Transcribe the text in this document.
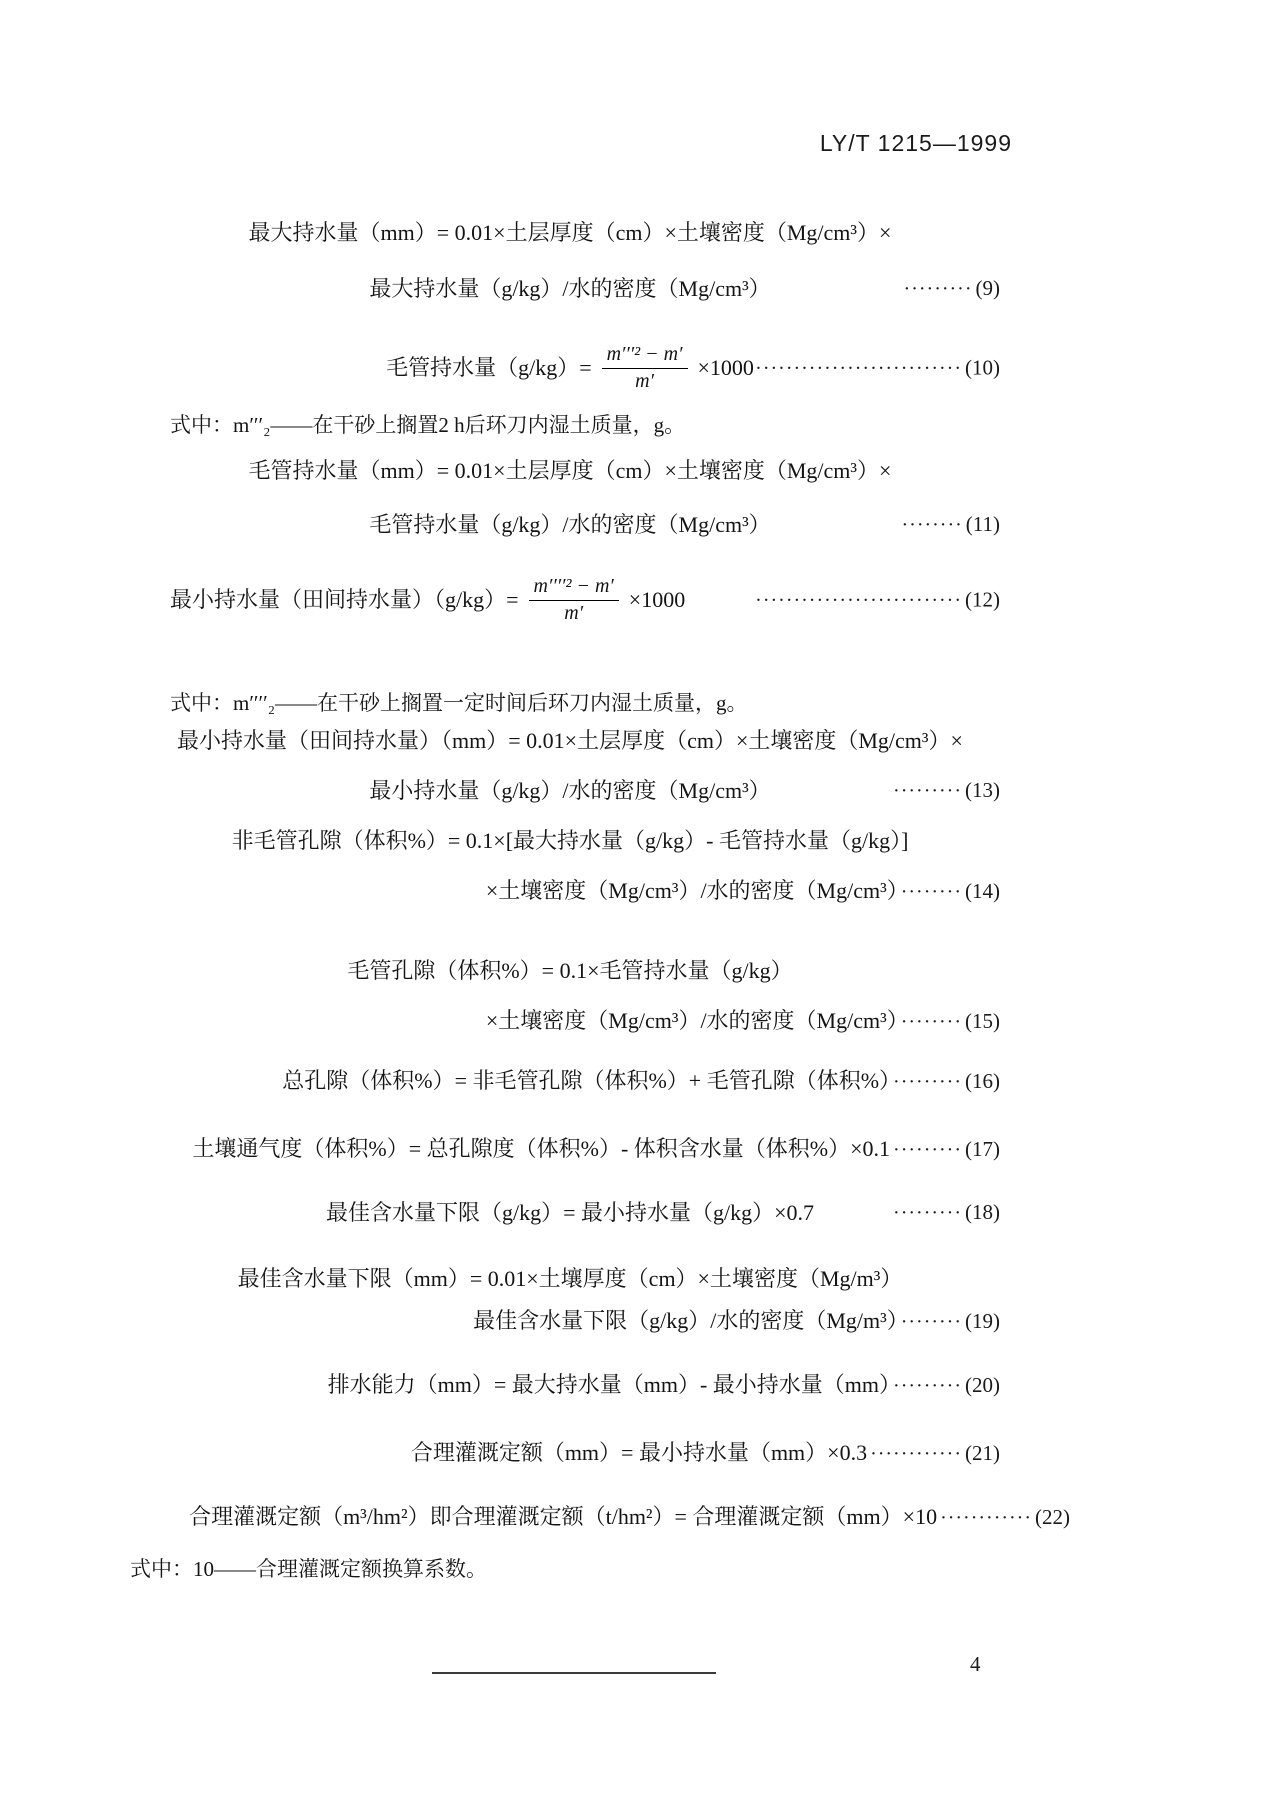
LY/T 1215—1999
最大持水量（mm）= 0.01×土层厚度（cm）×土壤密度（Mg/cm³）×
最大持水量（g/kg）/水的密度（Mg/cm³）	········· (9)
毛管持水量$(g/kg)= \frac{\text{m′′′² − m′}}{m'} \times 1000$ ··························· (10)
式中：m′′′₂——在干砂上搁置2 h后环刀内湿土质量，g。
毛管持水量（mm）= 0.01×土层厚度（cm）×土壤密度（Mg/cm³）×
毛管持水量（g/kg）/水的密度（Mg/cm³）	········ (11)
最小持水量（田间持水量）$(g/kg)= \frac{\text{m′′′′² − m′}}{m'} \times 1000$	··························· (12)
式中：m′′′′₂——在干砂上搁置一定时间后环刀内湿土质量，g。
最小持水量（田间持水量）（mm）= 0.01×土层厚度（cm）×土壤密度（Mg/cm³）×
最小持水量（g/kg）/水的密度（Mg/cm³）	········· (13)
非毛管孔隙（体积%）= 0.1×[最大持水量（g/kg）- 毛管持水量（g/kg）]
×土壤密度（Mg/cm³）/水的密度（Mg/cm³） ········ (14)
毛管孔隙（体积%）= 0.1×毛管持水量（g/kg）
×土壤密度（Mg/cm³）/水的密度（Mg/cm³） ········ (15)
总孔隙（体积%）= 非毛管孔隙（体积%）+ 毛管孔隙（体积%） ········· (16)
土壤通气度（体积%）= 总孔隙度（体积%）- 体积含水量（体积%）×0.1 ········· (17)
最佳含水量下限（g/kg）= 最小持水量（g/kg）×0.7	········· (18)
最佳含水量下限（mm）= 0.01×土壤厚度（cm）×土壤密度（Mg/m³）
最佳含水量下限（g/kg）/水的密度（Mg/m³） ········ (19)
排水能力（mm）= 最大持水量（mm）- 最小持水量（mm） ········· (20)
合理灌溉定额（mm）= 最小持水量（mm）×0.3 ············ (21)
合理灌溉定额（m³/hm²）即合理灌溉定额（t/hm²）= 合理灌溉定额（mm）×10 ············ (22)
式中：10——合理灌溉定额换算系数。
4
